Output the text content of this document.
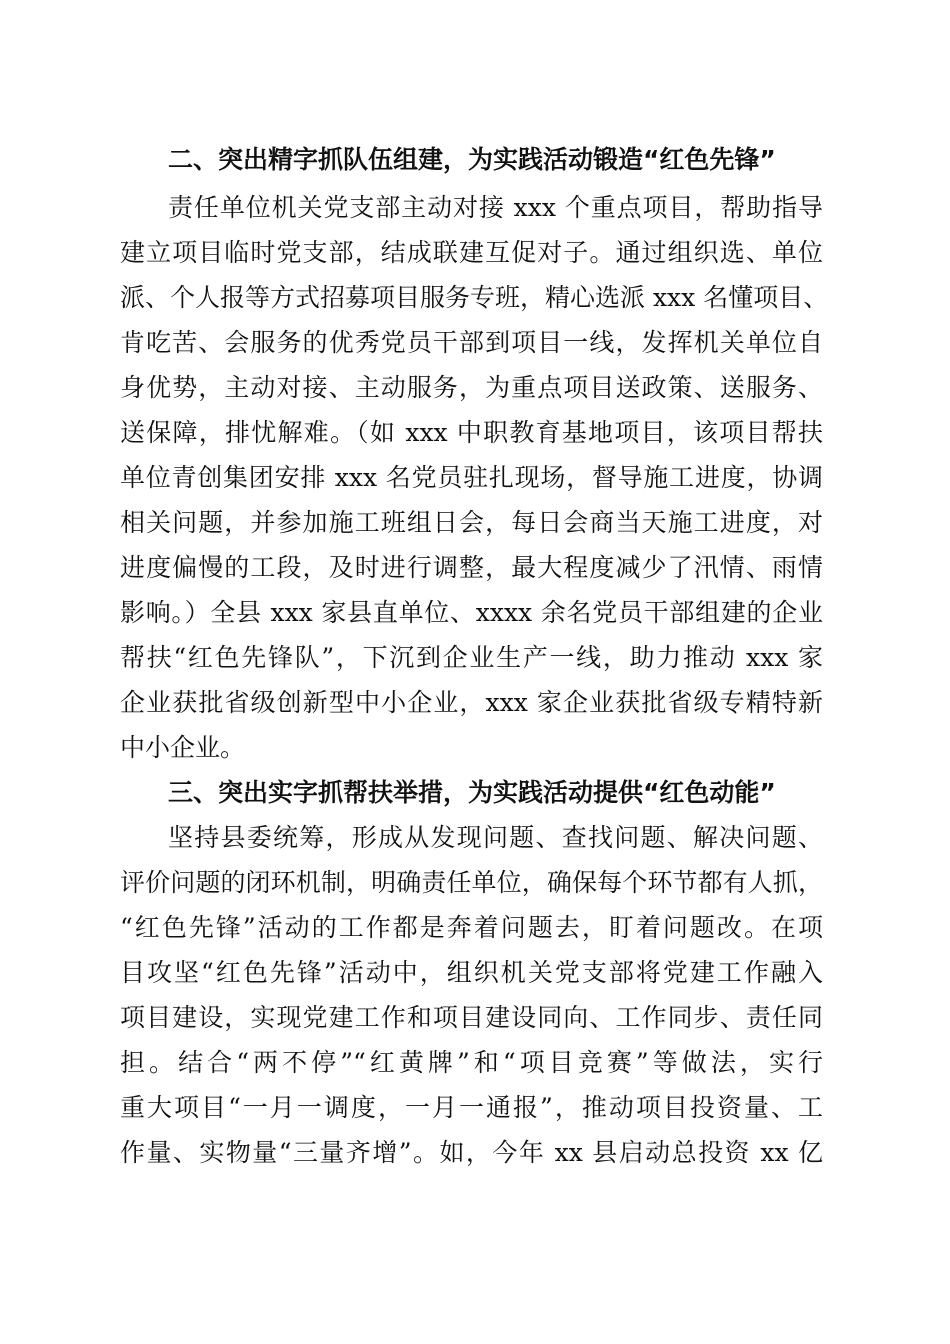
二、突出精字抓队伍组建，为实践活动锻造“红色先锋”
责任单位机关党支部主动对接 xxx 个重点项目，帮助指导
建立项目临时党支部，结成联建互促对子。通过组织选、单位
派、个人报等方式招募项目服务专班，精心选派 xxx 名懂项目、
肯吃苦、会服务的优秀党员干部到项目一线，发挥机关单位自
身优势，主动对接、主动服务，为重点项目送政策、送服务、
送保障，排忧解难。（如 xxx 中职教育基地项目，该项目帮扶
单位青创集团安排 xxx 名党员驻扎现场，督导施工进度，协调
相关问题，并参加施工班组日会，每日会商当天施工进度，对
进度偏慢的工段，及时进行调整，最大程度减少了汛情、雨情
影响。）全县 xxx 家县直单位、xxxx 余名党员干部组建的企业
帮扶“红色先锋队”，下沉到企业生产一线，助力推动 xxx 家
企业获批省级创新型中小企业，xxx 家企业获批省级专精特新
中小企业。
三、突出实字抓帮扶举措，为实践活动提供“红色动能”
坚持县委统筹，形成从发现问题、查找问题、解决问题、
评价问题的闭环机制，明确责任单位，确保每个环节都有人抓，
“红色先锋”活动的工作都是奔着问题去，盯着问题改。在项
目攻坚“红色先锋”活动中，组织机关党支部将党建工作融入
项目建设，实现党建工作和项目建设同向、工作同步、责任同
担。结合“两不停”“红黄牌”和“项目竞赛”等做法，实行
重大项目“一月一调度，一月一通报”，推动项目投资量、工
作量、实物量“三量齐增”。如，今年 xx 县启动总投资 xx 亿
